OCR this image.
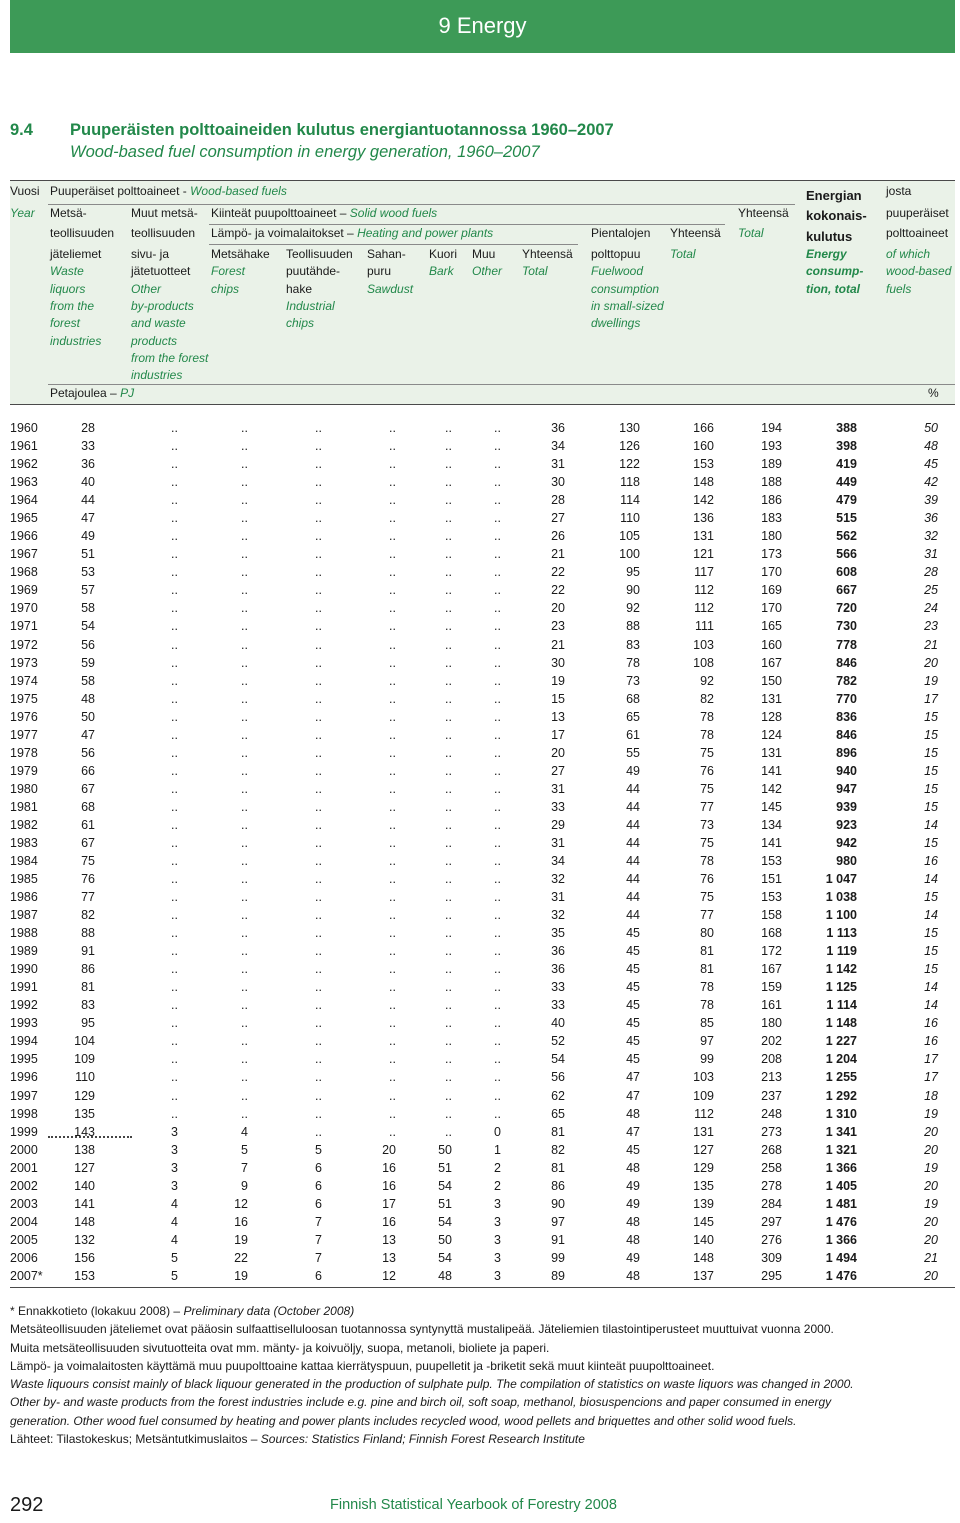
9 Energy
9.4 Puuperäisten polttoaineiden kulutus energiantuotannossa 1960–2007
Wood-based fuel consumption in energy generation, 1960–2007
Vuosi
Year
Puuperäiset polttoaineet - Wood-based fuels
Kiinteät puupolttoaineet – Solid wood fuels
Lämpö- ja voimalaitokset – Heating and power plants
Metsä-
teollisuuden
jäteliemet
Waste
liquors
from the
forest
industries
Muut metsä-
teollisuuden
sivu- ja
jätetuotteet
Other
by-products
and waste
products
from the forest
industries
Metsähake
Forest
chips
Teollisuuden
puutähde-
hake
Industrial
chips
Sahan-
puru
Sawdust
Kuori
Bark
Muu
Other
Yhteensä
Total
Pientalojen
polttopuu
Fuelwood
consumption
in small-sized
dwellings
Yhteensä
Total
Yhteensä
Total
Energian
kokonais-
kulutus
Energy
consump-
tion, total
josta
puuperäiset
polttoaineet
of which
wood-based
fuels
Petajoulea – PJ	%
1960	28	..	..	..	..	..	..	36	130	166	194	388	50
1961	33	..	..	..	..	..	..	34	126	160	193	398	48
1962	36	..	..	..	..	..	..	31	122	153	189	419	45
1963	40	..	..	..	..	..	..	30	118	148	188	449	42
1964	44	..	..	..	..	..	..	28	114	142	186	479	39
1965	47	..	..	..	..	..	..	27	110	136	183	515	36
1966	49	..	..	..	..	..	..	26	105	131	180	562	32
1967	51	..	..	..	..	..	..	21	100	121	173	566	31
1968	53	..	..	..	..	..	..	22	95	117	170	608	28
1969	57	..	..	..	..	..	..	22	90	112	169	667	25
1970	58	..	..	..	..	..	..	20	92	112	170	720	24
1971	54	..	..	..	..	..	..	23	88	111	165	730	23
1972	56	..	..	..	..	..	..	21	83	103	160	778	21
1973	59	..	..	..	..	..	..	30	78	108	167	846	20
1974	58	..	..	..	..	..	..	19	73	92	150	782	19
1975	48	..	..	..	..	..	..	15	68	82	131	770	17
1976	50	..	..	..	..	..	..	13	65	78	128	836	15
1977	47	..	..	..	..	..	..	17	61	78	124	846	15
1978	56	..	..	..	..	..	..	20	55	75	131	896	15
1979	66	..	..	..	..	..	..	27	49	76	141	940	15
1980	67	..	..	..	..	..	..	31	44	75	142	947	15
1981	68	..	..	..	..	..	..	33	44	77	145	939	15
1982	61	..	..	..	..	..	..	29	44	73	134	923	14
1983	67	..	..	..	..	..	..	31	44	75	141	942	15
1984	75	..	..	..	..	..	..	34	44	78	153	980	16
1985	76	..	..	..	..	..	..	32	44	76	151	1 047	14
1986	77	..	..	..	..	..	..	31	44	75	153	1 038	15
1987	82	..	..	..	..	..	..	32	44	77	158	1 100	14
1988	88	..	..	..	..	..	..	35	45	80	168	1 113	15
1989	91	..	..	..	..	..	..	36	45	81	172	1 119	15
1990	86	..	..	..	..	..	..	36	45	81	167	1 142	15
1991	81	..	..	..	..	..	..	33	45	78	159	1 125	14
1992	83	..	..	..	..	..	..	33	45	78	161	1 114	14
1993	95	..	..	..	..	..	..	40	45	85	180	1 148	16
1994	104	..	..	..	..	..	..	52	45	97	202	1 227	16
1995	109	..	..	..	..	..	..	54	45	99	208	1 204	17
1996	110	..	..	..	..	..	..	56	47	103	213	1 255	17
1997	129	..	..	..	..	..	..	62	47	109	237	1 292	18
1998	135	..	..	..	..	..	..	65	48	112	248	1 310	19
1999	143	3	4	..	..	..	0	81	47	131	273	1 341	20
2000	138	3	5	5	20	50	1	82	45	127	268	1 321	20
2001	127	3	7	6	16	51	2	81	48	129	258	1 366	19
2002	140	3	9	6	16	54	2	86	49	135	278	1 405	20
2003	141	4	12	6	17	51	3	90	49	139	284	1 481	19
2004	148	4	16	7	16	54	3	97	48	145	297	1 476	20
2005	132	4	19	7	13	50	3	91	48	140	276	1 366	20
2006	156	5	22	7	13	54	3	99	49	148	309	1 494	21
2007*	153	5	19	6	12	48	3	89	48	137	295	1 476	20
* Ennakkotieto (lokakuu 2008) – Preliminary data (October 2008)
Metsäteollisuuden jäteliemet ovat pääosin sulfaattiselluloosan tuotannossa syntynyttä mustalipeää. Jäteliemien tilastointiperusteet muuttuivat vuonna 2000.
Muita metsäteollisuuden sivutuotteita ovat mm. mänty- ja koivuöljy, suopa, metanoli, bioliete ja paperi.
Lämpö- ja voimalaitosten käyttämä muu puupolttoaine kattaa kierrätyspuun, puupelletit ja -briketit sekä muut kiinteät puupolttoaineet.
Waste liquours consist mainly of black liquour generated in the production of sulphate pulp. The compilation of statistics on waste liquors was changed in 2000.
Other by- and waste products from the forest industries include e.g. pine and birch oil, soft soap, methanol, biosuspencions and paper consumed in energy
generation. Other wood fuel consumed by heating and power plants includes recycled wood, wood pellets and briquettes and other solid wood fuels.
Lähteet: Tilastokeskus; Metsäntutkimuslaitos – Sources: Statistics Finland; Finnish Forest Research Institute
292	Finnish Statistical Yearbook of Forestry 2008
